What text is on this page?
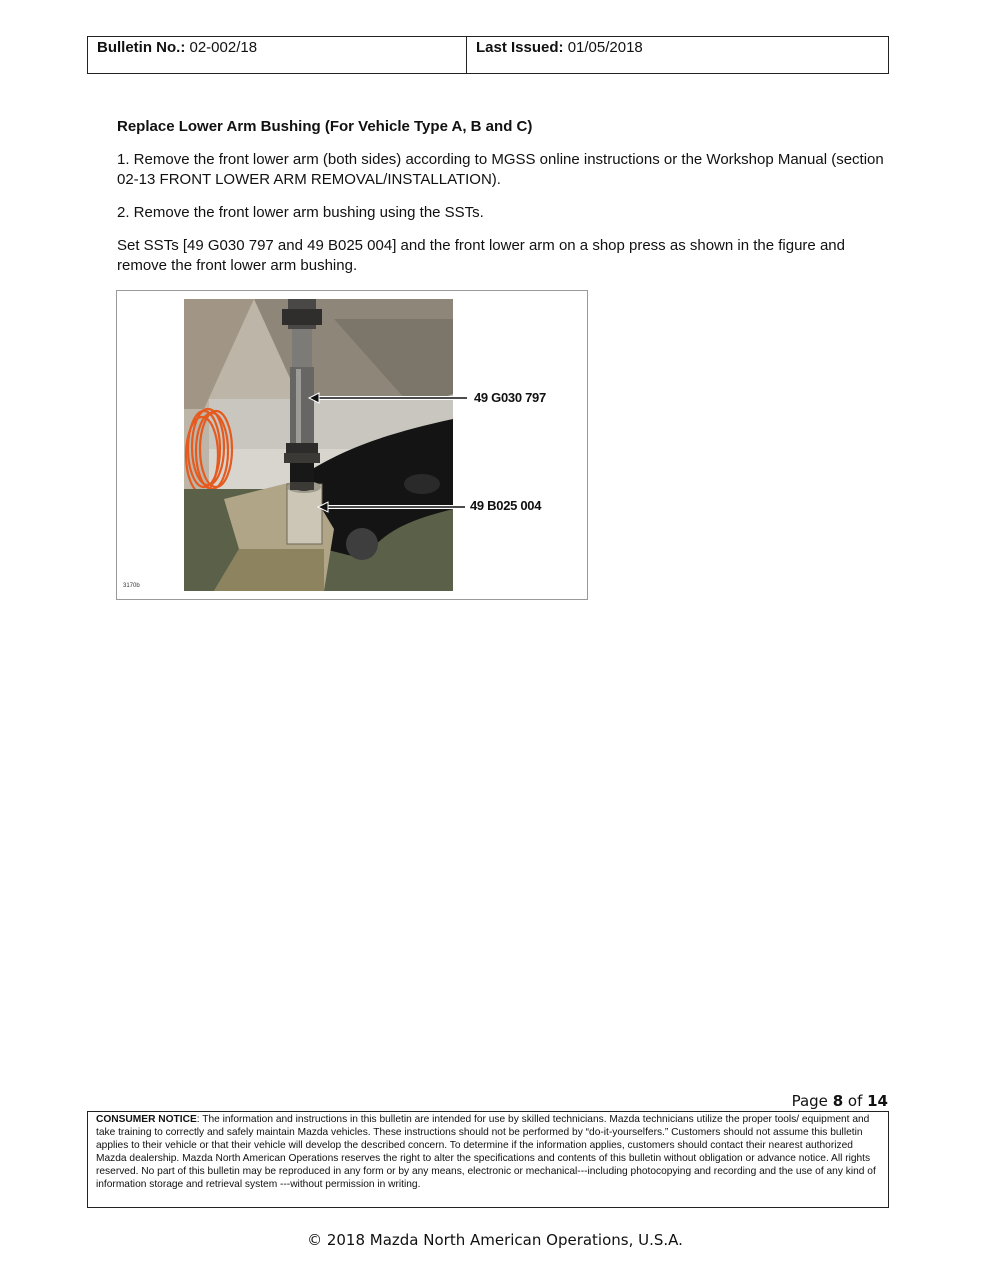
Bulletin No.: 02-002/18	Last Issued: 01/05/2018

Replace Lower Arm Bushing (For Vehicle Type A, B and C)

1. Remove the front lower arm (both sides) according to MGSS online instructions or the Workshop Manual (section 02-13 FRONT LOWER ARM REMOVAL/INSTALLATION).

2. Remove the front lower arm bushing using the SSTs.

Set SSTs [49 G030 797 and 49 B025 004] and the front lower arm on a shop press as shown in the figure and remove the front lower arm bushing.

49 G030 797
49 B025 004
3170b
Page 8 of 14
CONSUMER NOTICE: The information and instructions in this bulletin are intended for use by skilled technicians. Mazda technicians utilize the proper tools/ equipment and take training to correctly and safely maintain Mazda vehicles. These instructions should not be performed by “do-it-yourselfers.” Customers should not assume this bulletin applies to their vehicle or that their vehicle will develop the described concern. To determine if the information applies, customers should contact their nearest authorized Mazda dealership. Mazda North American Operations reserves the right to alter the specifications and contents of this bulletin without obligation or advance notice. All rights reserved. No part of this bulletin may be reproduced in any form or by any means, electronic or mechanical---including photocopying and recording and the use of any kind of information storage and retrieval system ---without permission in writing.
© 2018 Mazda North American Operations, U.S.A.
